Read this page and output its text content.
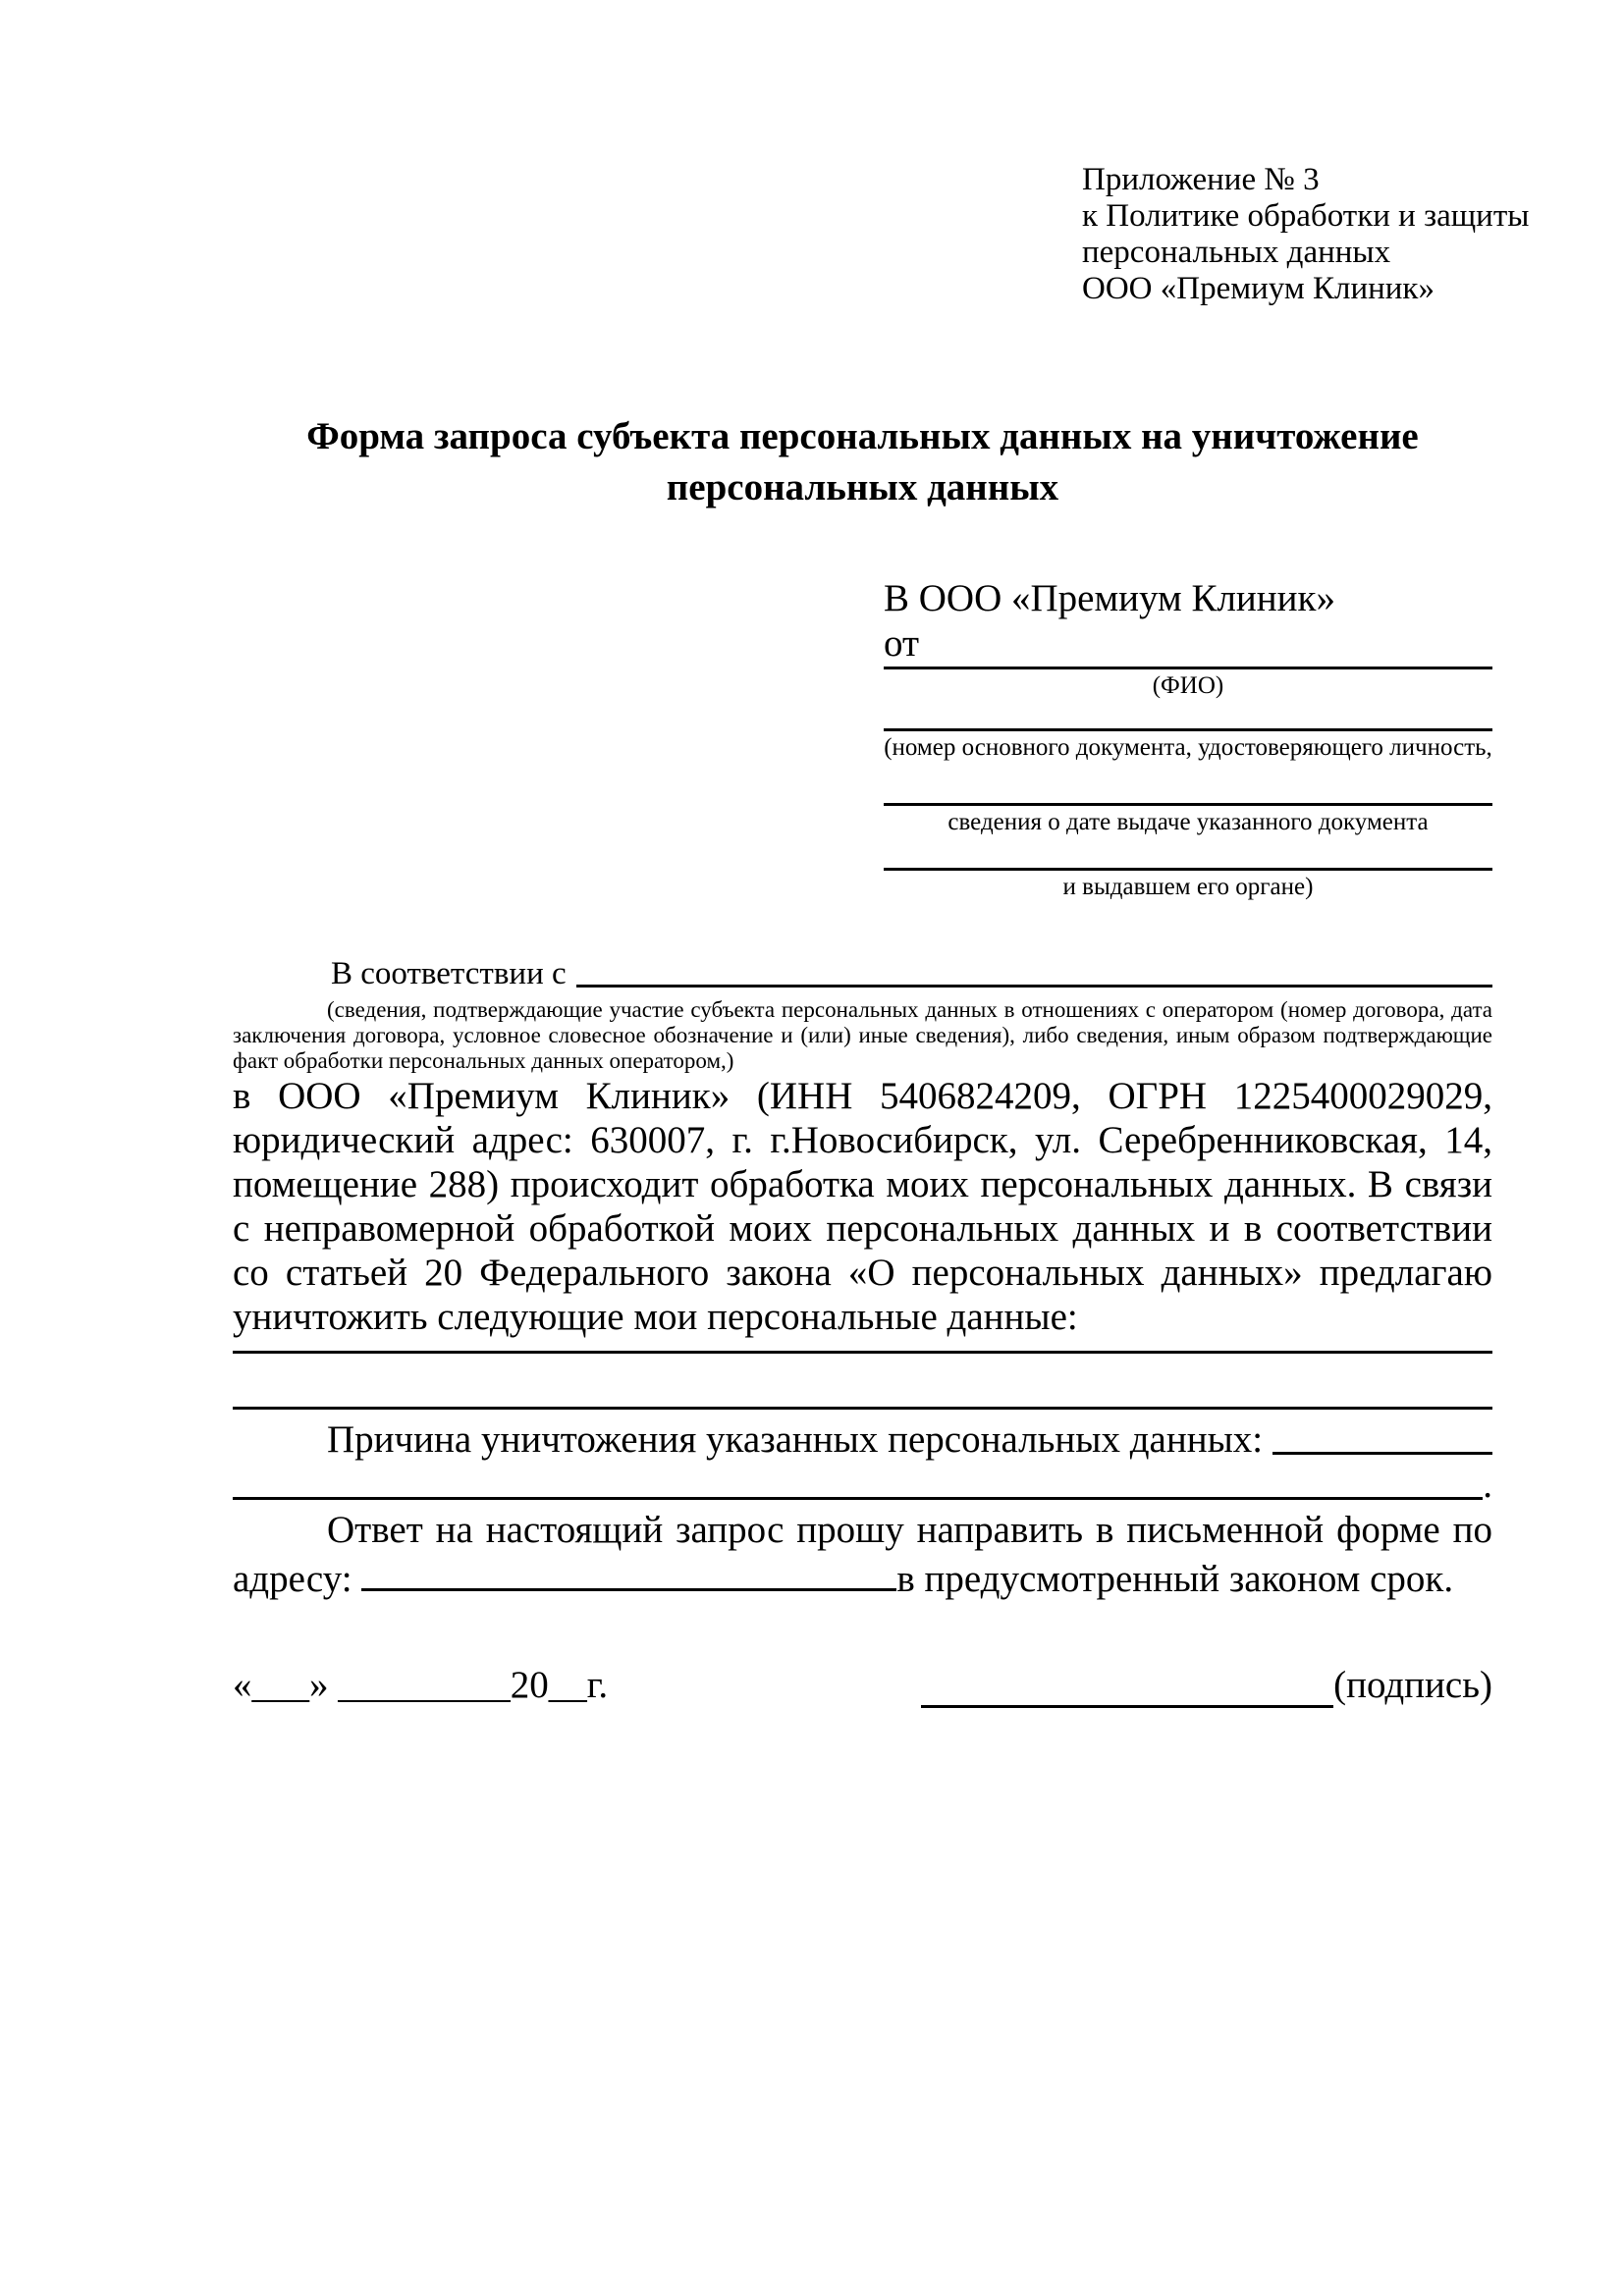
Приложение № 3
к Политике обработки и защиты
персональных данных
ООО «Премиум Клиник»
Форма запроса субъекта персональных данных на уничтожение
персональных данных
В ООО «Премиум Клиник»
от
(ФИО)
(номер основного документа, удостоверяющего личность,
сведения о дате выдаче указанного документа
и выдавшем его органе)
В соответствии с
(сведения, подтверждающие участие субъекта персональных данных в отношениях с оператором (номер договора, дата заключения договора, условное словесное обозначение и (или) иные сведения), либо сведения, иным образом подтверждающие факт обработки персональных данных оператором,)

в ООО «Премиум Клиник» (ИНН 5406824209, ОГРН 1225400029029, юридический адрес: 630007, г. г.Новосибирск, ул. Серебренниковская, 14, помещение 288) происходит обработка моих персональных данных. В связи с неправомерной обработкой моих персональных данных и в соответствии со статьей 20 Федерального закона «О персональных данных» предлагаю уничтожить следующие мои персональные данные:

Причина уничтожения указанных персональных данных:
.

Ответ на настоящий запрос прошу направить в письменной форме по адресу:	в предусмотренный законом срок.

«___» _________20__г.	(подпись)
